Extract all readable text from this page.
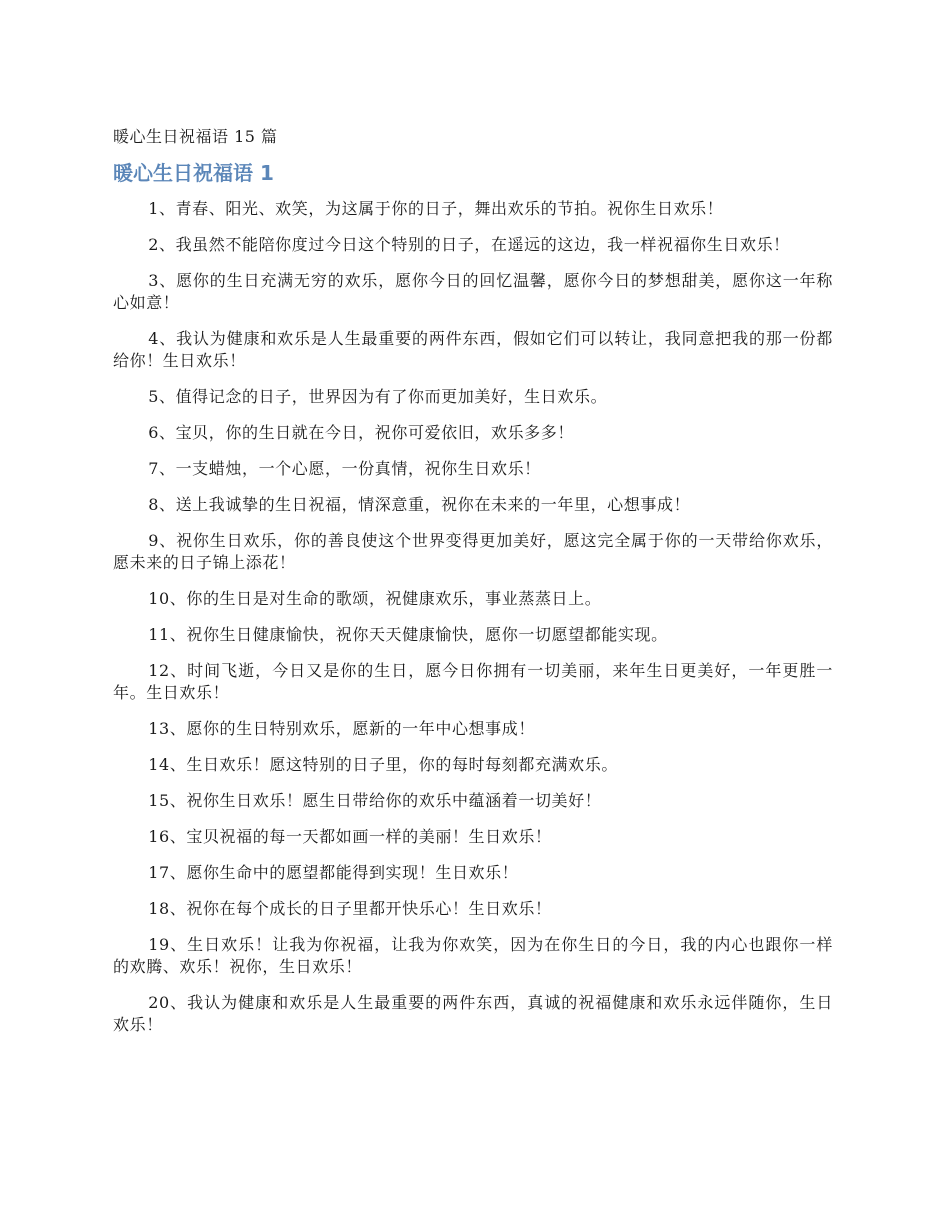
暖心生日祝福语 15 篇
暖心生日祝福语 1
1、青春、阳光、欢笑，为这属于你的日子，舞出欢乐的节拍。祝你生日欢乐！
2、我虽然不能陪你度过今日这个特别的日子，在遥远的这边，我一样祝福你生日欢乐！
3、愿你的生日充满无穷的欢乐，愿你今日的回忆温馨，愿你今日的梦想甜美，愿你这一年称心如意！
4、我认为健康和欢乐是人生最重要的两件东西，假如它们可以转让，我同意把我的那一份都给你！生日欢乐！
5、值得记念的日子，世界因为有了你而更加美好，生日欢乐。
6、宝贝，你的生日就在今日，祝你可爱依旧，欢乐多多！
7、一支蜡烛，一个心愿，一份真情，祝你生日欢乐！
8、送上我诚挚的生日祝福，情深意重，祝你在未来的一年里，心想事成！
9、祝你生日欢乐，你的善良使这个世界变得更加美好，愿这完全属于你的一天带给你欢乐，愿未来的日子锦上添花！
10、你的生日是对生命的歌颂，祝健康欢乐，事业蒸蒸日上。
11、祝你生日健康愉快，祝你天天健康愉快，愿你一切愿望都能实现。
12、时间飞逝，今日又是你的生日，愿今日你拥有一切美丽，来年生日更美好，一年更胜一年。生日欢乐！
13、愿你的生日特别欢乐，愿新的一年中心想事成！
14、生日欢乐！愿这特别的日子里，你的每时每刻都充满欢乐。
15、祝你生日欢乐！愿生日带给你的欢乐中蕴涵着一切美好！
16、宝贝祝福的每一天都如画一样的美丽！生日欢乐！
17、愿你生命中的愿望都能得到实现！生日欢乐！
18、祝你在每个成长的日子里都开快乐心！生日欢乐！
19、生日欢乐！让我为你祝福，让我为你欢笑，因为在你生日的今日，我的内心也跟你一样的欢腾、欢乐！祝你，生日欢乐！
20、我认为健康和欢乐是人生最重要的两件东西，真诚的祝福健康和欢乐永远伴随你，生日欢乐！
